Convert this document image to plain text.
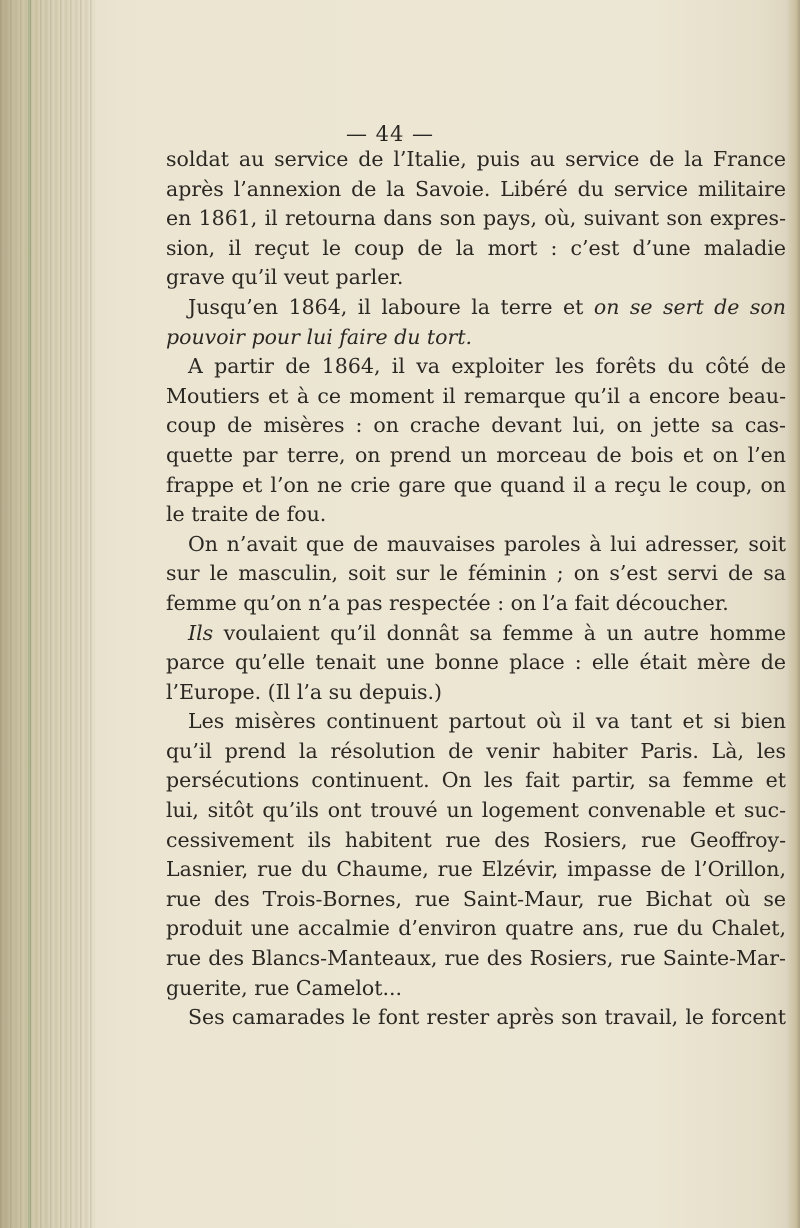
— 44 —
soldat au service de l’Italie, puis au service de la France
après l’annexion de la Savoie. Libéré du service militaire
en 1861, il retourna dans son pays, où, suivant son expres-
sion, il reçut le coup de la mort : c’est d’une maladie
grave qu’il veut parler.
Jusqu’en 1864, il laboure la terre et on se sert de son
pouvoir pour lui faire du tort.
A partir de 1864, il va exploiter les forêts du côté de
Moutiers et à ce moment il remarque qu’il a encore beau-
coup de misères : on crache devant lui, on jette sa cas-
quette par terre, on prend un morceau de bois et on l’en
frappe et l’on ne crie gare que quand il a reçu le coup, on
le traite de fou.
On n’avait que de mauvaises paroles à lui adresser, soit
sur le masculin, soit sur le féminin ; on s’est servi de sa
femme qu’on n’a pas respectée : on l’a fait découcher.
Ils voulaient qu’il donnât sa femme à un autre homme
parce qu’elle tenait une bonne place : elle était mère de
l’Europe. (Il l’a su depuis.)
Les misères continuent partout où il va tant et si bien
qu’il prend la résolution de venir habiter Paris. Là, les
persécutions continuent. On les fait partir, sa femme et
lui, sitôt qu’ils ont trouvé un logement convenable et suc-
cessivement ils habitent rue des Rosiers, rue Geoffroy-
Lasnier, rue du Chaume, rue Elzévir, impasse de l’Orillon,
rue des Trois-Bornes, rue Saint-Maur, rue Bichat où se
produit une accalmie d’environ quatre ans, rue du Chalet,
rue des Blancs-Manteaux, rue des Rosiers, rue Sainte-Mar-
guerite, rue Camelot...
Ses camarades le font rester après son travail, le forcent
